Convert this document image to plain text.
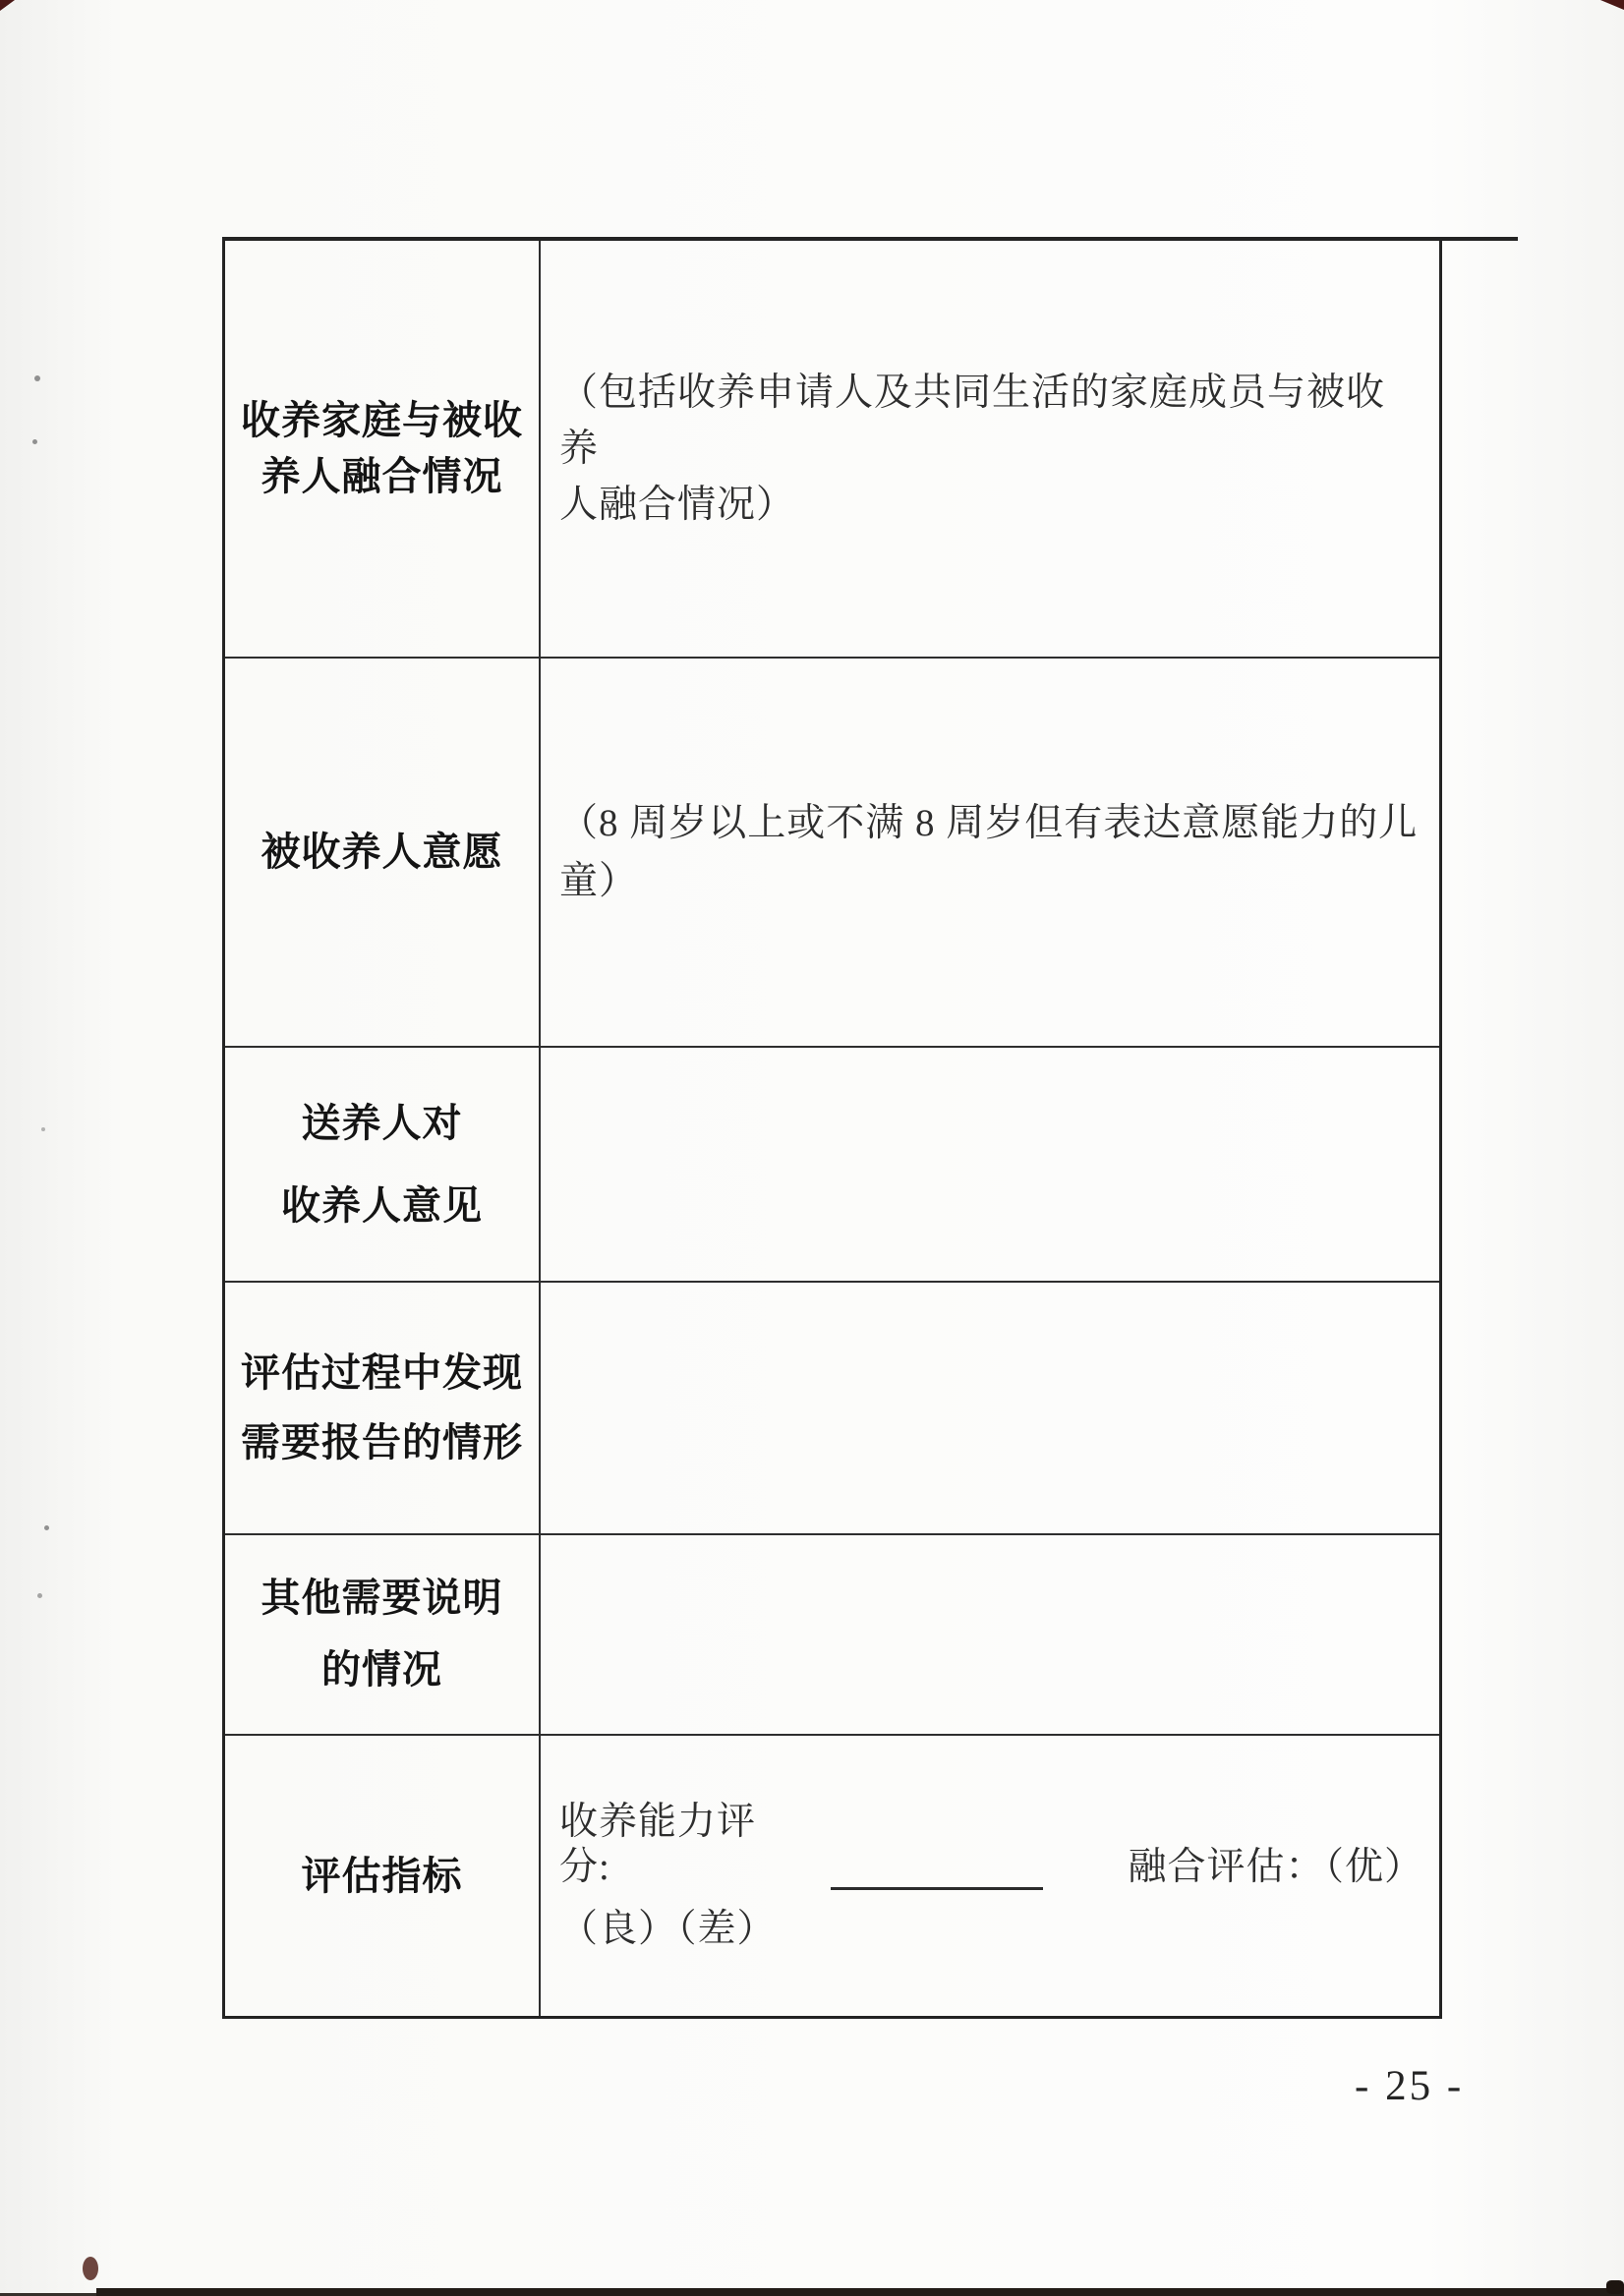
收养家庭与被收
养人融合情况
（包括收养申请人及共同生活的家庭成员与被收养
人融合情况）
被收养人意愿
（8 周岁以上或不满 8 周岁但有表达意愿能力的儿
童）
送养人对
收养人意见
评估过程中发现
需要报告的情形
其他需要说明
的情况
评估指标
收养能力评分:	融合评估：（优）
（良）（差）
- 25 -
